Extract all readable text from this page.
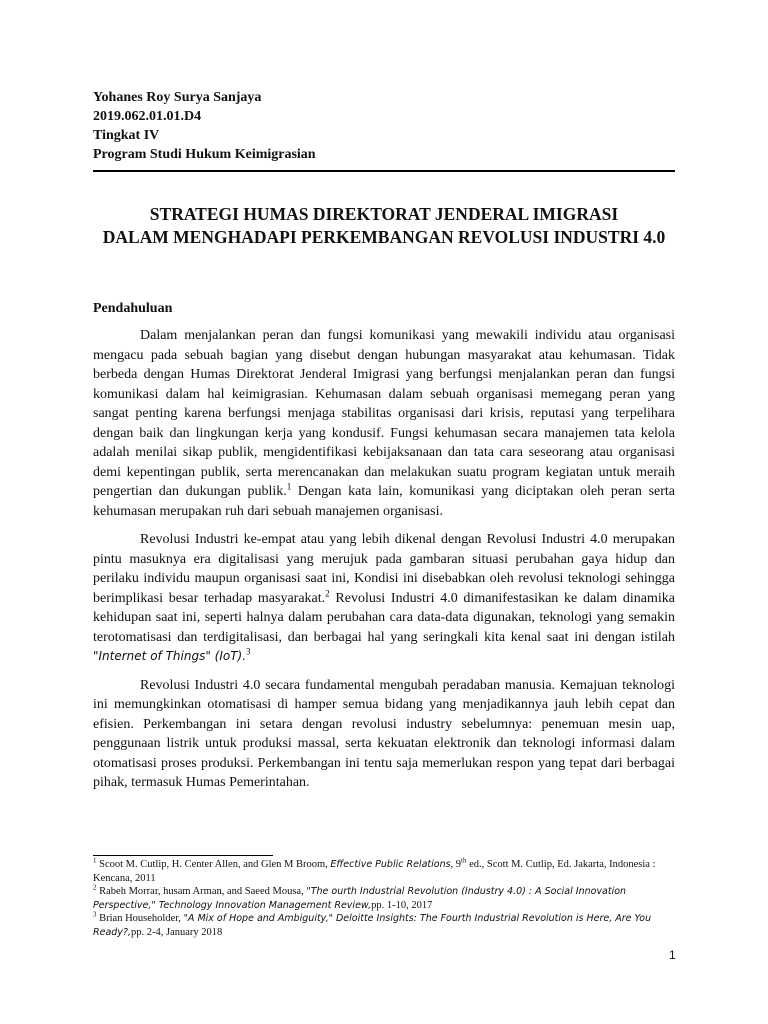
Yohanes Roy Surya Sanjaya
2019.062.01.01.D4
Tingkat IV
Program Studi Hukum Keimigrasian
STRATEGI HUMAS DIREKTORAT JENDERAL IMIGRASI
DALAM MENGHADAPI PERKEMBANGAN REVOLUSI INDUSTRI 4.0
Pendahuluan

Dalam menjalankan peran dan fungsi komunikasi yang mewakili individu atau organisasi mengacu pada sebuah bagian yang disebut dengan hubungan masyarakat atau kehumasan. Tidak berbeda dengan Humas Direktorat Jenderal Imigrasi yang berfungsi menjalankan peran dan fungsi komunikasi dalam hal keimigrasian. Kehumasan dalam sebuah organisasi memegang peran yang sangat penting karena berfungsi menjaga stabilitas organisasi dari krisis, reputasi yang terpelihara dengan baik dan lingkungan kerja yang kondusif. Fungsi kehumasan secara manajemen tata kelola adalah menilai sikap publik, mengidentifikasi kebijaksanaan dan tata cara seseorang atau organisasi demi kepentingan publik, serta merencanakan dan melakukan suatu program kegiatan untuk meraih pengertian dan dukungan publik.$^1$ Dengan kata lain, komunikasi yang diciptakan oleh peran serta kehumasan merupakan ruh dari sebuah manajemen organisasi.

Revolusi Industri ke-empat atau yang lebih dikenal dengan Revolusi Industri 4.0 merupakan pintu masuknya era digitalisasi yang merujuk pada gambaran situasi perubahan gaya hidup dan perilaku individu maupun organisasi saat ini, Kondisi ini disebabkan oleh revolusi teknologi sehingga berimplikasi besar terhadap masyarakat.$^2$ Revolusi Industri 4.0 dimanifestasikan ke dalam dinamika kehidupan saat ini, seperti halnya dalam perubahan cara data-data digunakan, teknologi yang semakin terotomatisasi dan terdigitalisasi, dan berbagai hal yang seringkali kita kenal saat ini dengan istilah "Internet of Things" (IoT).$^3$

Revolusi Industri 4.0 secara fundamental mengubah peradaban manusia. Kemajuan teknologi ini memungkinkan otomatisasi di hamper semua bidang yang menjadikannya jauh lebih cepat dan efisien. Perkembangan ini setara dengan revolusi industry sebelumnya: penemuan mesin uap, penggunaan listrik untuk produksi massal, serta kekuatan elektronik dan teknologi informasi dalam otomatisasi proses produksi. Perkembangan ini tentu saja memerlukan respon yang tepat dari berbagai pihak, termasuk Humas Pemerintahan.

$^1$ Scoot M. Cutlip, H. Center Allen, and Glen M Broom, Effective Public Relations, 9th ed., Scott M. Cutlip, Ed. Jakarta, Indonesia : Kencana, 2011

$^2$ Rabeh Morrar, husam Arman, and Saeed Mousa, "The ourth Industrial Revolution (Industry 4.0) : A Social Innovation Perspective," Technology Innovation Management Review,pp. 1-10, 2017

$^3$ Brian Householder, "A Mix of Hope and Ambiguity," Deloitte Insights: The Fourth Industrial Revolution is Here, Are You Ready?,pp. 2-4, January 2018

1
